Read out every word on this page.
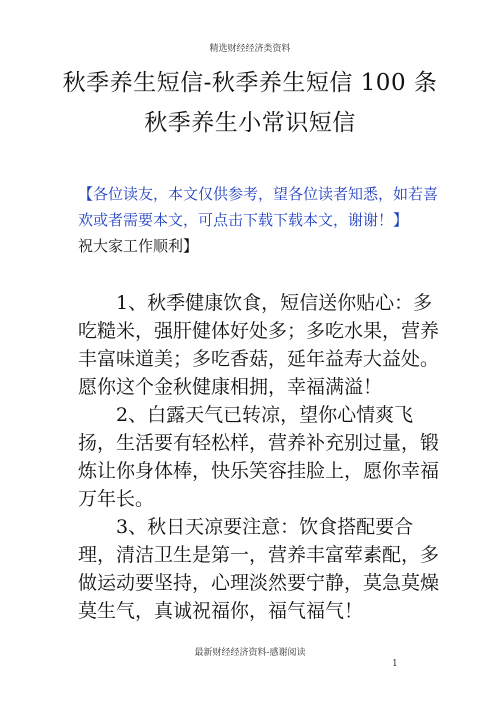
精选财经经济类资料
秋季养生短信-秋季养生短信 100 条
秋季养生小常识短信
【各位读友，本文仅供参考，望各位读者知悉，如若喜欢或者需要本文，可点击下载下载本文，谢谢！】
祝大家工作顺利】

1、秋季健康饮食，短信送你贴心：多吃糙米，强肝健体好处多；多吃水果，营养丰富味道美；多吃香菇，延年益寿大益处。愿你这个金秋健康相拥，幸福满溢！

2、白露天气已转凉，望你心情爽飞扬，生活要有轻松样，营养补充别过量，锻炼让你身体棒，快乐笑容挂脸上，愿你幸福万年长。

3、秋日天凉要注意：饮食搭配要合理，清洁卫生是第一，营养丰富荤素配，多做运动要坚持，心理淡然要宁静，莫急莫燥莫生气，真诚祝福你，福气福气！

最新财经经济资料-感谢阅读
1
